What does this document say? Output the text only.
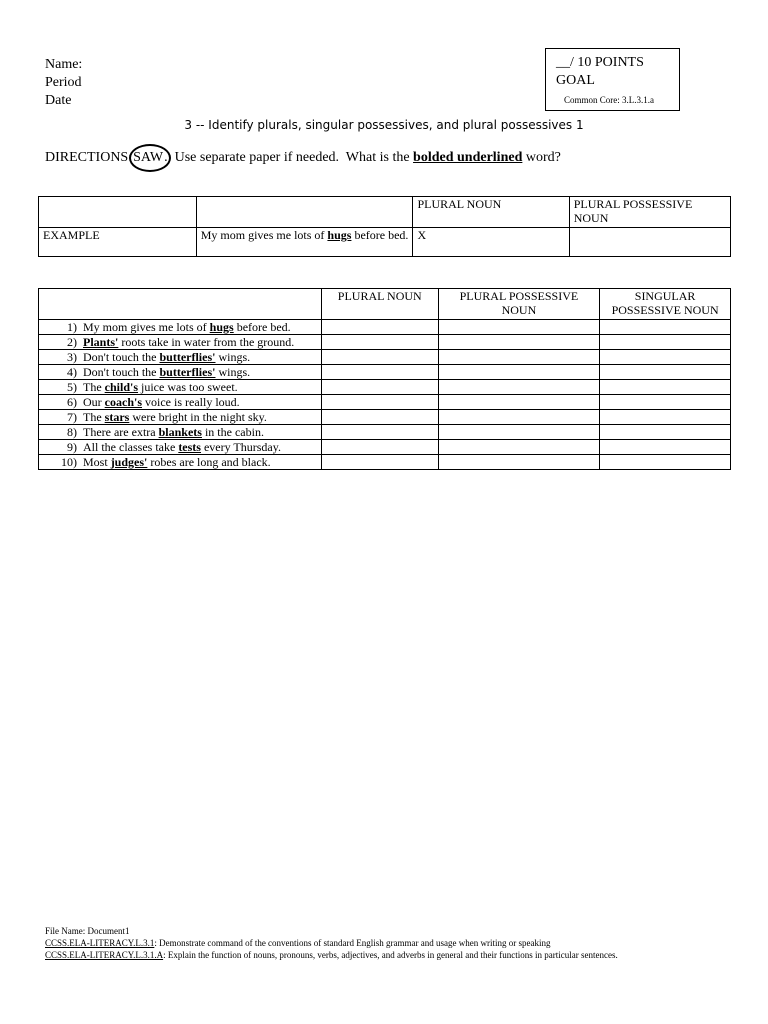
Name:
Period
Date
__/ 10 POINTS
GOAL
Common Core: 3.L.3.1.a
3 -- Identify plurals, singular possessives, and plural possessives 1
DIRECTIONS:
SAW.  Use separate paper if needed.  What is the bolded underlined word?
		PLURAL NOUN	PLURAL POSSESSIVE NOUN
EXAMPLE	My mom gives me lots of hugs before bed.	X	
	PLURAL NOUN	PLURAL POSSESSIVE NOUN	SINGULAR POSSESSIVE NOUN
1) My mom gives me lots of hugs before bed.			
2) Plants' roots take in water from the ground.			
3) Don't touch the butterflies' wings.			
4) Don't touch the butterflies' wings.			
5) The child's juice was too sweet.			
6) Our coach's voice is really loud.			
7) The stars were bright in the night sky.			
8) There are extra blankets in the cabin.			
9) All the classes take tests every Thursday.			
10) Most judges' robes are long and black.			
File Name: Document1
CCSS.ELA-LITERACY.L.3.1: Demonstrate command of the conventions of standard English grammar and usage when writing or speaking
CCSS.ELA-LITERACY.L.3.1.A: Explain the function of nouns, pronouns, verbs, adjectives, and adverbs in general and their functions in particular sentences.
